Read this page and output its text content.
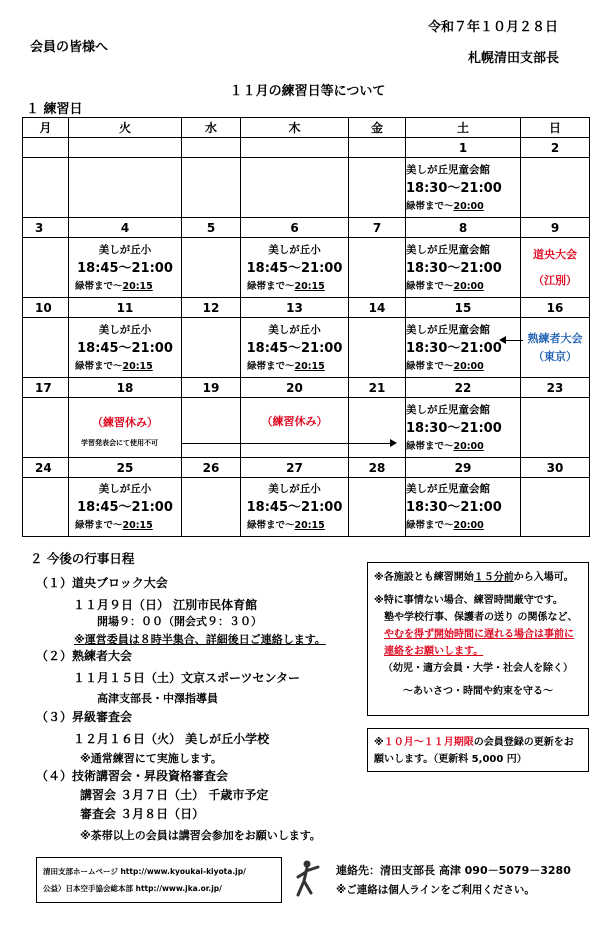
会員の皆様へ
令和７年１０月２８日
札幌清田支部長
１１月の練習日等について
１ 練習日
月	火	水	木	金	土	日
					1	2

					美しが丘児童会館
18:30～21:00
緑帯まで～20:00	

3	4	5	6	7	8	9

	美しが丘小
18:45～21:00
緑帯まで～20:15		美しが丘小
18:45～21:00
緑帯まで～20:15		美しが丘児童会館
18:30～21:00
緑帯まで～20:00	道央大会
（江別）

10	11	12	13	14	15	16

	美しが丘小
18:45～21:00
緑帯まで～20:15		美しが丘小
18:45～21:00
緑帯まで～20:15		美しが丘児童会館
18:30～21:00
緑帯まで～20:00	熟練者大会
（東京）

17	18	19	20	21	22	23

	（練習休み）
学習発表会にて使用不可		（練習休み）		美しが丘児童会館
18:30～21:00
緑帯まで～20:00	

24	25	26	27	28	29	30

	美しが丘小
18:45～21:00
緑帯まで～20:15		美しが丘小
18:45～21:00
緑帯まで～20:15		美しが丘児童会館
18:30～21:00
緑帯まで～20:00	

２ 今後の行事日程
（１）道央ブロック大会
１１月９日（日） 江別市民体育館
開場９：００（開会式９：３０）
※運営委員は８時半集合、詳細後日ご連絡します。
（２）熟練者大会
１１月１５日（土）文京スポーツセンター
高津支部長・中澤指導員
（３）昇級審査会
１２月１６日（火） 美しが丘小学校
※通常練習にて実施します。
（４）技術講習会・昇段資格審査会
講習会 ３月７日（土） 千歳市予定
審査会 ３月８日（日）
※茶帯以上の会員は講習会参加をお願いします。
※各施設とも練習開始１５分前から入場可。
※特に事情ない場合、練習時間厳守です。
塾や学校行事、保護者の送り の関係など、やむを得ず開始時間に遅れる場合は事前に連絡をお願いします。
（幼児・適方会員・大学・社会人を除く）
～あいさつ・時間や約束を守る～
※１０月～１１月期限の会員登録の更新をお願いします。（更新料 5,000 円）
清田支部ホームページ http://www.kyoukai-kiyota.jp/
公益）日本空手協会総本部 http://www.jka.or.jp/
連絡先：清田支部長 高津 090－5079－3280
※ご連絡は個人ラインをご利用ください。
